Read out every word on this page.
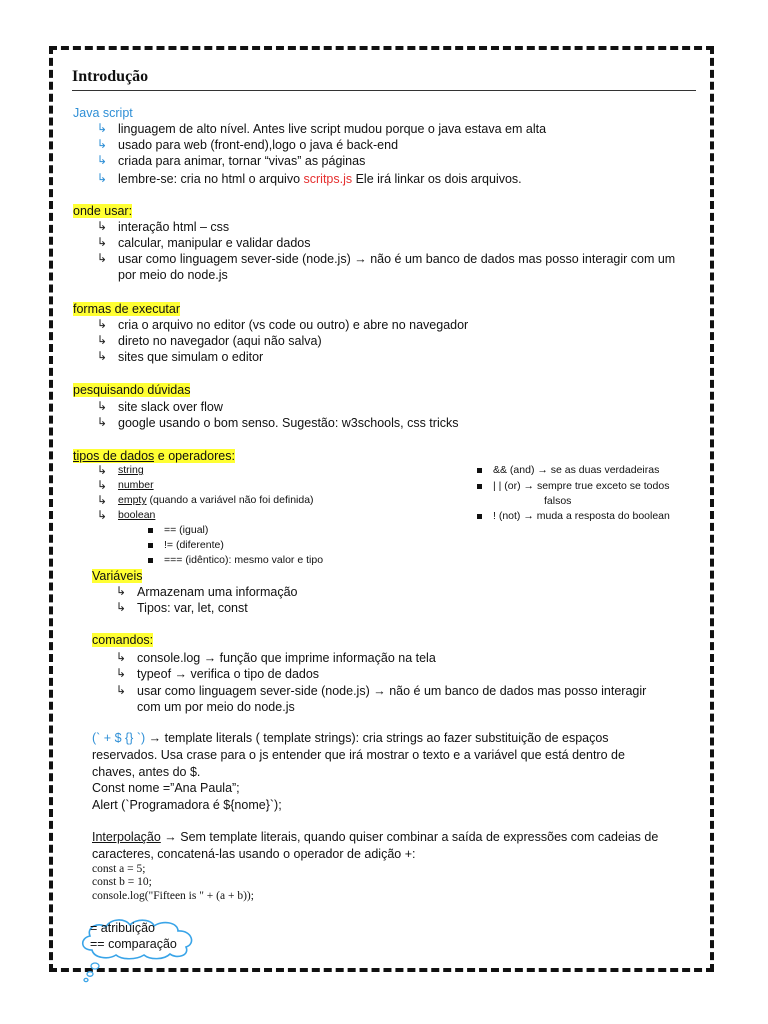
Introdução
Java script
↳ linguagem de alto nível. Antes live script mudou porque o java estava em alta
↳ usado para web (front-end),logo o java é back-end
↳ criada para animar, tornar “vivas” as páginas
↳ lembre-se: cria no html o arquivo scritps.js Ele irá linkar os dois arquivos.
onde usar:
↳ interação html – css
↳ calcular, manipular e validar dados
↳ usar como linguagem sever-side (node.js) → não é um banco de dados mas posso interagir com um
por meio do node.js
formas de executar
↳ cria o arquivo no editor (vs code ou outro) e abre no navegador
↳ direto no navegador (aqui não salva)
↳ sites que simulam o editor
pesquisando dúvidas
↳ site slack over flow
↳ google usando o bom senso. Sugestão: w3schools, css tricks
tipos de dados e operadores:
↳ string
↳ number
↳ empty (quando a variável não foi definida)
↳ boolean
== (igual)
!= (diferente)
=== (idêntico): mesmo valor e tipo
&& (and) → se as duas verdadeiras
| | (or) → sempre true exceto se todos
falsos
! (not) → muda a resposta do boolean
Variáveis
↳ Armazenam uma informação
↳ Tipos: var, let, const
comandos:
↳ console.log → função que imprime informação na tela
↳ typeof → verifica o tipo de dados
↳ usar como linguagem sever-side (node.js) → não é um banco de dados mas posso interagir
com um por meio do node.js
(` + $ {} `) → template literals ( template strings): cria strings ao fazer substituição de espaços
reservados. Usa crase para o js entender que irá mostrar o texto e a variável que está dentro de
chaves, antes do $.
Const nome =”Ana Paula”;
Alert (`Programadora é ${nome}`);
Interpolação → Sem template literais, quando quiser combinar a saída de expressões com cadeias de
caracteres, concatená-las usando o operador de adição +:
const a = 5;
const b = 10;
console.log("Fifteen is " + (a + b));
= atribuição
== comparação
